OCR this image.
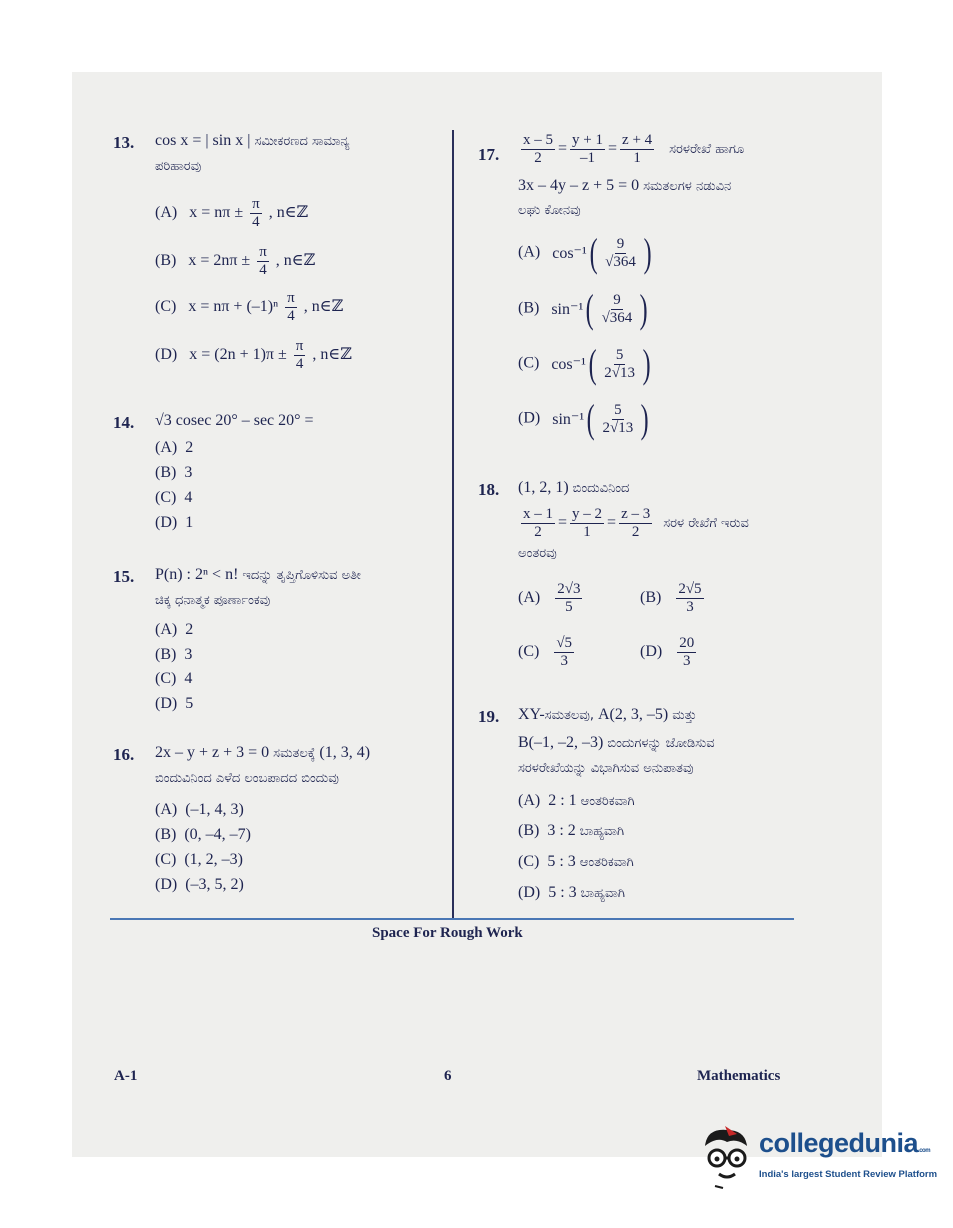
13. cos x = | sin x | ಸಮೀಕರಣದ ಸಾಮಾನ್ಯ
ಪರಿಹಾರವು
(A) $x = n\pi \pm \frac{\pi}{4}$ , n∈ℤ
(B) $x = 2n\pi \pm \frac{\pi}{4}$ , n∈ℤ
(C) $x = n\pi + (-1)^n \frac{\pi}{4}$ , n∈ℤ
(D) $x = (2n + 1)\pi \pm \frac{\pi}{4}$ , n∈ℤ
14. √3 cosec 20° – sec 20° =
(A) 2
(B) 3
(C) 4
(D) 1
15. P(n) : 2ⁿ < n! ಇದನ್ನು ತೃಪ್ತಿಗೊಳಿಸುವ ಅತೀ
ಚಿಕ್ಕ ಧನಾತ್ಮಕ ಪೂರ್ಣಾಂಕವು
(A) 2
(B) 3
(C) 4
(D) 5
16. 2x – y + z + 3 = 0 ಸಮತಲಕ್ಕೆ (1, 3, 4)
ಬಿಂದುವಿನಿಂದ ಎಳೆದ ಲಂಬಪಾದದ ಬಿಂದುವು
(A) (–1, 4, 3)
(B) (0, –4, –7)
(C) (1, 2, –3)
(D) (–3, 5, 2)
17. $\frac{x - 5}{2} = \frac{y + 1}{-1} = \frac{z + 4}{1}$ ಸರಳರೇಖೆ ಹಾಗೂ
3x – 4y – z + 5 = 0 ಸಮತಲಗಳ ನಡುವಿನ
ಲಘು ಕೋನವು
(A) cos⁻¹ ( $\frac{9}{√364}$ )
(B) sin⁻¹ ( $\frac{9}{√364}$ )
(C) cos⁻¹ ( $\frac{5}{2√13}$ )
(D) sin⁻¹ ( $\frac{5}{2√13}$ )
18. (1, 2, 1) ಬಿಂದುವಿನಿಂದ
$\frac{x - 1}{2} = \frac{y - 2}{1} = \frac{z - 3}{2}$ ಸರಳ ರೇಖೆಗೆ ಇರುವ
ಅಂತರವು
$(A) \frac{2√3}{5}$	$(B) \frac{2√5}{3}$
$(C) \frac{√5}{3}$	$(D) \frac{20}{3}$
19. XY-ಸಮತಲವು, A(2, 3, –5) ಮತ್ತು
B(–1, –2, –3) ಬಿಂದುಗಳನ್ನು ಜೋಡಿಸುವ
ಸರಳರೇಖೆಯನ್ನು ವಿಭಾಗಿಸುವ ಅನುಪಾತವು
(A) 2 : 1 ಆಂತರಿಕವಾಗಿ
(B) 3 : 2 ಬಾಹ್ಯವಾಗಿ
(C) 5 : 3 ಆಂತರಿಕವಾಗಿ
(D) 5 : 3 ಬಾಹ್ಯವಾಗಿ
Space For Rough Work
A-1	6	Mathematics
collegedunia.com
India's largest Student Review Platform
